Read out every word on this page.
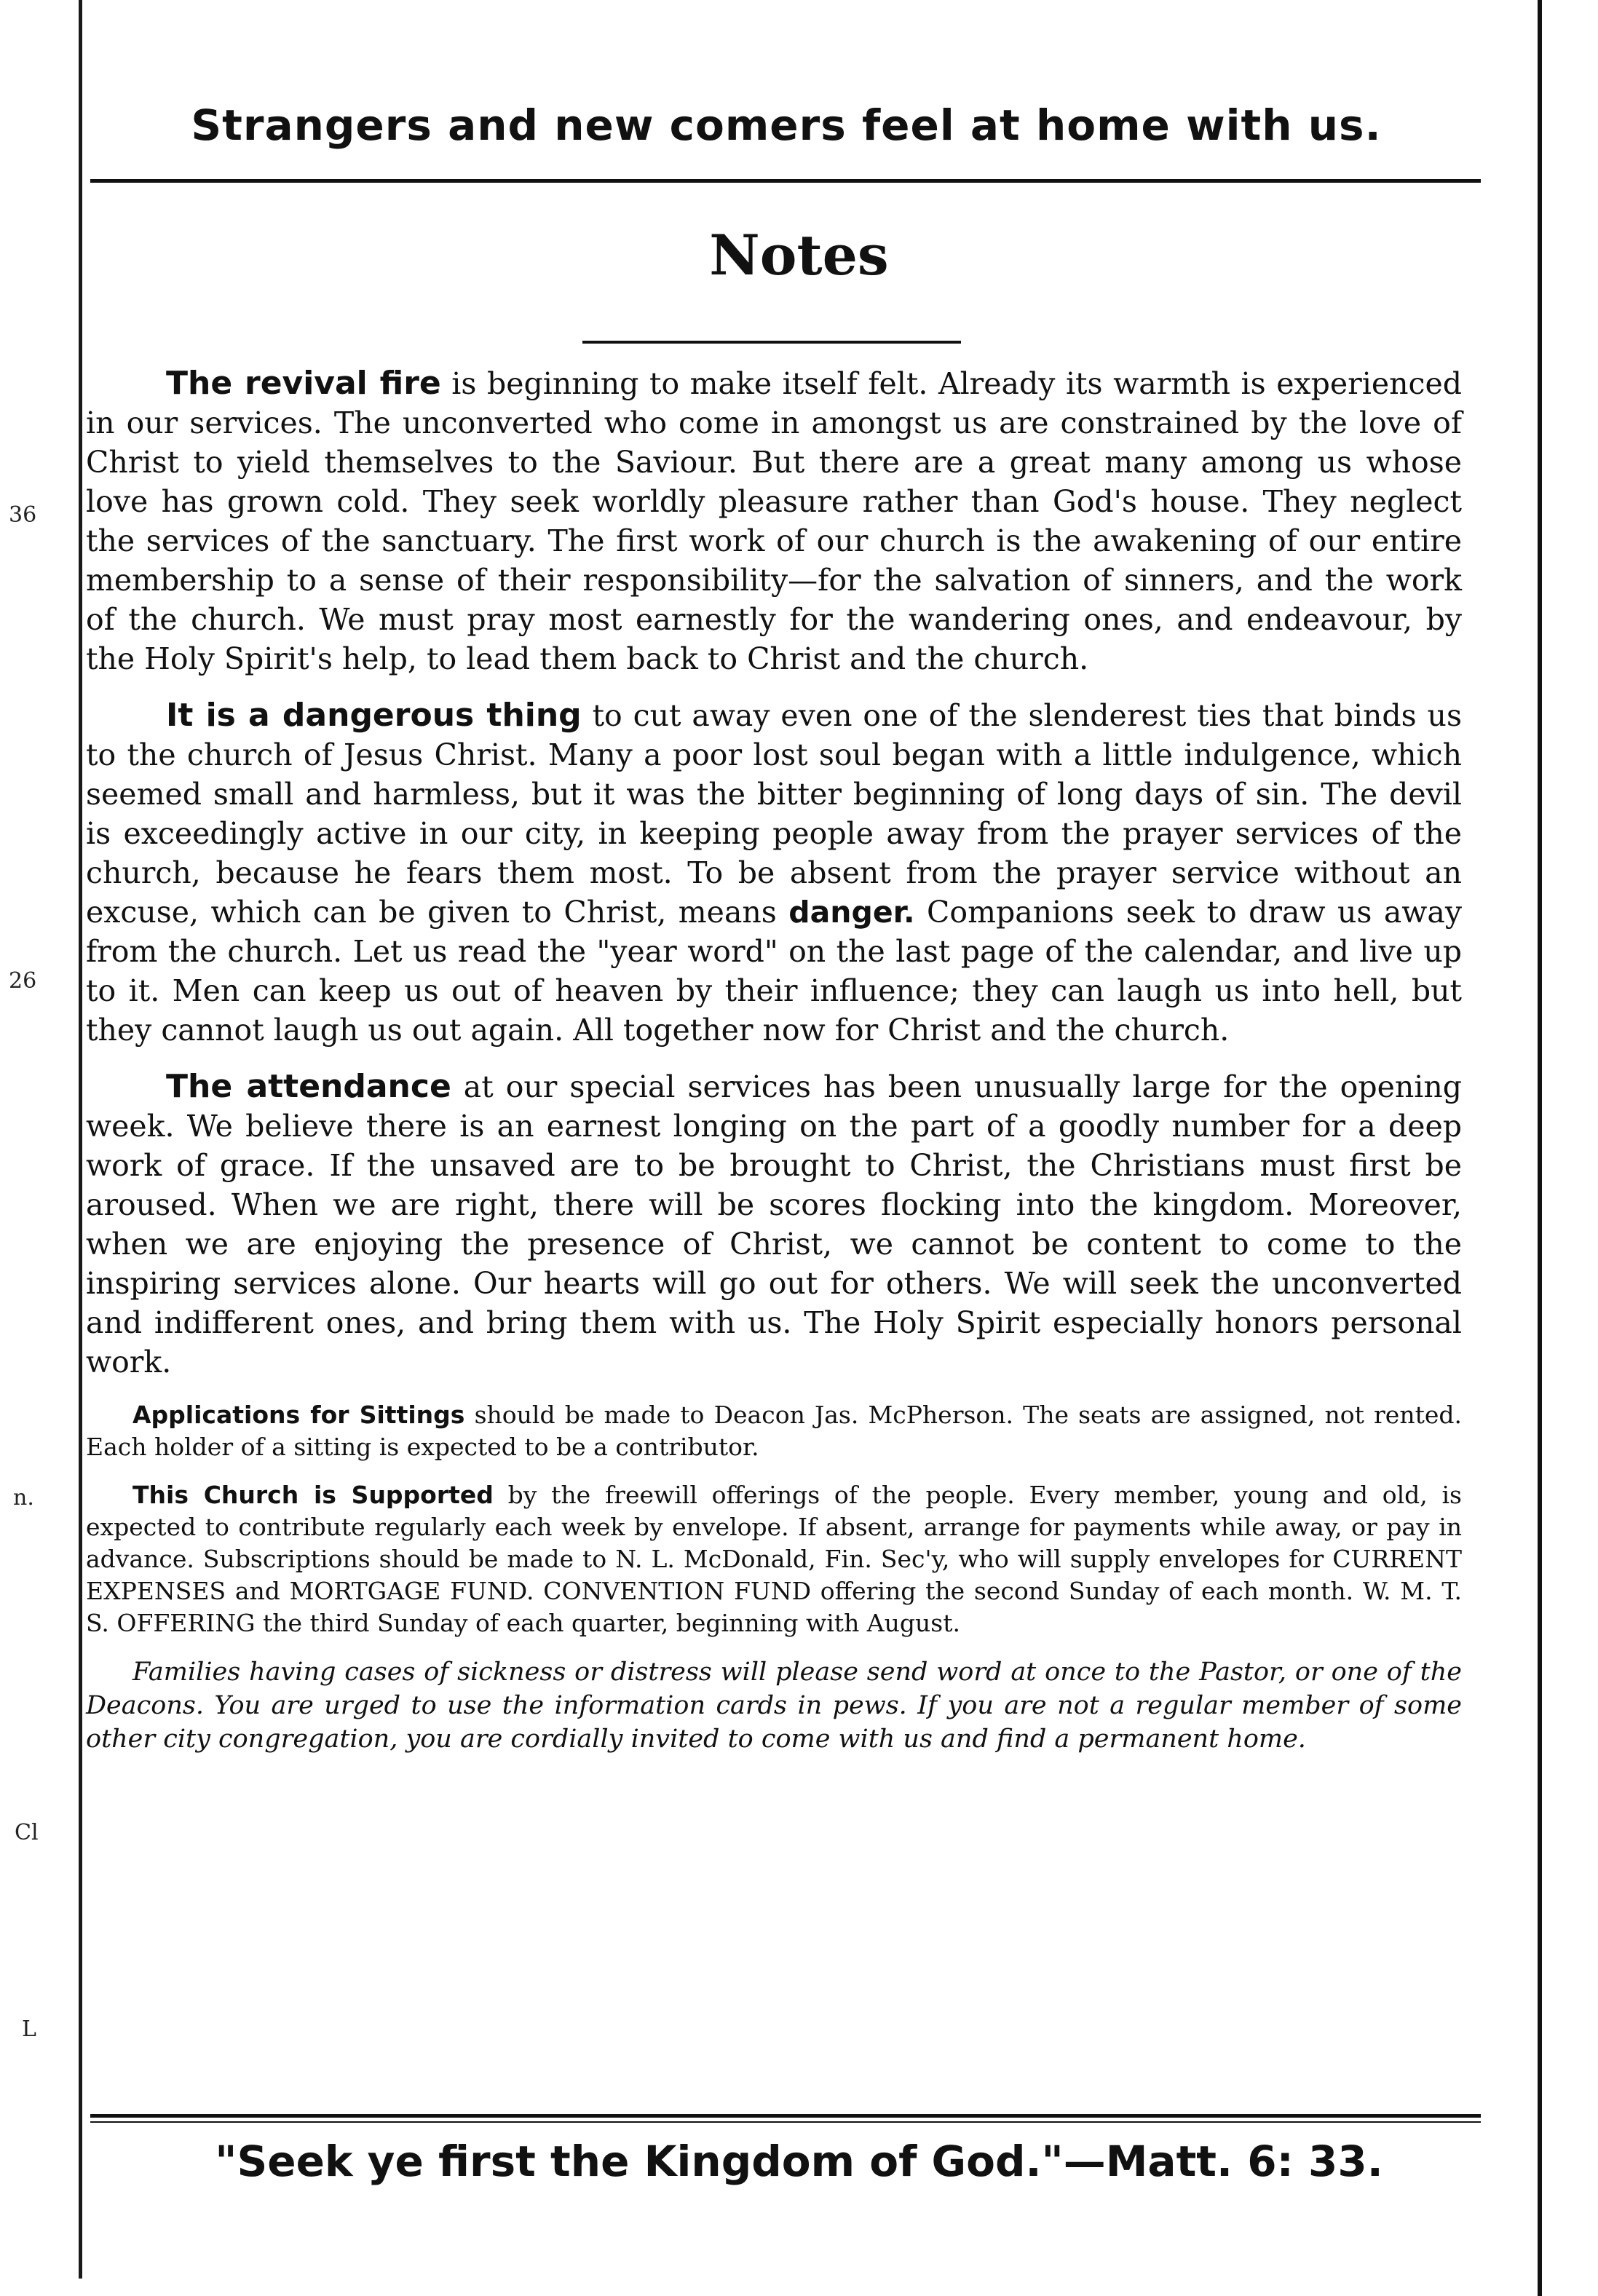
Strangers and new comers feel at home with us.
Notes

The revival fire is beginning to make itself felt. Already its warmth is experienced in our services. The unconverted who come in amongst us are constrained by the love of Christ to yield themselves to the Saviour. But there are a great many among us whose love has grown cold. They seek worldly pleasure rather than God's house. They neglect the services of the sanctuary. The first work of our church is the awakening of our entire membership to a sense of their responsibility—for the salvation of sinners, and the work of the church. We must pray most earnestly for the wandering ones, and endeavour, by the Holy Spirit's help, to lead them back to Christ and the church.

It is a dangerous thing to cut away even one of the slenderest ties that binds us to the church of Jesus Christ. Many a poor lost soul began with a little indulgence, which seemed small and harmless, but it was the bitter beginning of long days of sin. The devil is exceedingly active in our city, in keeping people away from the prayer services of the church, because he fears them most. To be absent from the prayer service without an excuse, which can be given to Christ, means danger. Companions seek to draw us away from the church. Let us read the "year word" on the last page of the calendar, and live up to it. Men can keep us out of heaven by their influence; they can laugh us into hell, but they cannot laugh us out again. All together now for Christ and the church.

The attendance at our special services has been unusually large for the opening week. We believe there is an earnest longing on the part of a goodly number for a deep work of grace. If the unsaved are to be brought to Christ, the Christians must first be aroused. When we are right, there will be scores flocking into the kingdom. Moreover, when we are enjoying the presence of Christ, we cannot be content to come to the inspiring services alone. Our hearts will go out for others. We will seek the unconverted and indifferent ones, and bring them with us. The Holy Spirit especially honors personal work.

Applications for Sittings should be made to Deacon Jas. McPherson. The seats are assigned, not rented. Each holder of a sitting is expected to be a contributor.

This Church is Supported by the freewill offerings of the people. Every member, young and old, is expected to contribute regularly each week by envelope. If absent, arrange for payments while away, or pay in advance. Subscriptions should be made to N. L. McDonald, Fin. Sec'y, who will supply envelopes for CURRENT EXPENSES and MORTGAGE FUND. CONVENTION FUND offering the second Sunday of each month. W. M. T. S. OFFERING the third Sunday of each quarter, beginning with August.

Families having cases of sickness or distress will please send word at once to the Pastor, or one of the Deacons. You are urged to use the information cards in pews. If you are not a regular member of some other city congregation, you are cordially invited to come with us and find a permanent home.

"Seek ye first the Kingdom of God."—Matt. 6: 33.
36
26
n.
Cl
L
